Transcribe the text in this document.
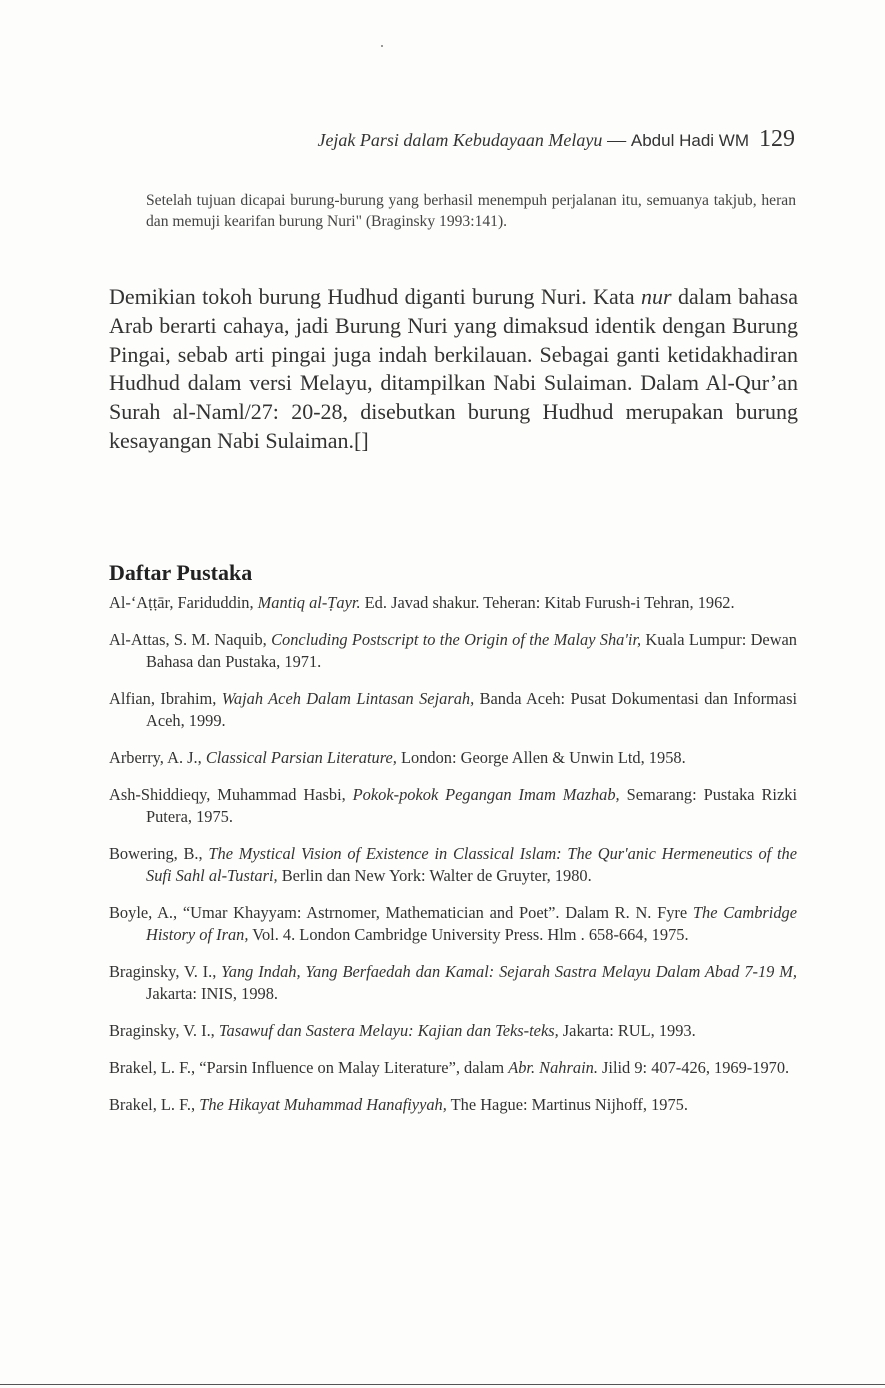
Jejak Parsi dalam Kebudayaan Melayu — Abdul Hadi WM 129
Setelah tujuan dicapai burung-burung yang berhasil menempuh perjalanan itu, semuanya takjub, heran dan memuji kearifan burung Nuri" (Braginsky 1993:141).
Demikian tokoh burung Hudhud diganti burung Nuri. Kata nur dalam bahasa Arab berarti cahaya, jadi Burung Nuri yang dimaksud identik dengan Burung Pingai, sebab arti pingai juga indah berkilauan. Sebagai ganti ketidakhadiran Hudhud dalam versi Melayu, ditampilkan Nabi Sulaiman. Dalam Al-Qur’an Surah al-Naml/27: 20-28, disebutkan burung Hudhud merupakan burung kesayangan Nabi Sulaiman.[]
Daftar Pustaka

Al-‘Aṭṭār, Fariduddin, Mantiq al-Ṭayr. Ed. Javad shakur. Teheran: Kitab Furush-i Tehran, 1962.

Al-Attas, S. M. Naquib, Concluding Postscript to the Origin of the Malay Sha'ir, Kuala Lumpur: Dewan Bahasa dan Pustaka, 1971.

Alfian, Ibrahim, Wajah Aceh Dalam Lintasan Sejarah, Banda Aceh: Pusat Dokumentasi dan Informasi Aceh, 1999.

Arberry, A. J., Classical Parsian Literature, London: George Allen & Unwin Ltd, 1958.

Ash-Shiddieqy, Muhammad Hasbi, Pokok-pokok Pegangan Imam Mazhab, Semarang: Pustaka Rizki Putera, 1975.

Bowering, B., The Mystical Vision of Existence in Classical Islam: The Qur'anic Hermeneutics of the Sufi Sahl al-Tustari, Berlin dan New York: Walter de Gruyter, 1980.

Boyle, A., “Umar Khayyam: Astrnomer, Mathematician and Poet”. Dalam R. N. Fyre The Cambridge History of Iran, Vol. 4. London Cambridge University Press. Hlm . 658-664, 1975.

Braginsky, V. I., Yang Indah, Yang Berfaedah dan Kamal: Sejarah Sastra Melayu Dalam Abad 7-19 M, Jakarta: INIS, 1998.

Braginsky, V. I., Tasawuf dan Sastera Melayu: Kajian dan Teks-teks, Jakarta: RUL, 1993.

Brakel, L. F., “Parsin Influence on Malay Literature”, dalam Abr. Nahrain. Jilid 9: 407-426, 1969-1970.

Brakel, L. F., The Hikayat Muhammad Hanafiyyah, The Hague: Martinus Nijhoff, 1975.
